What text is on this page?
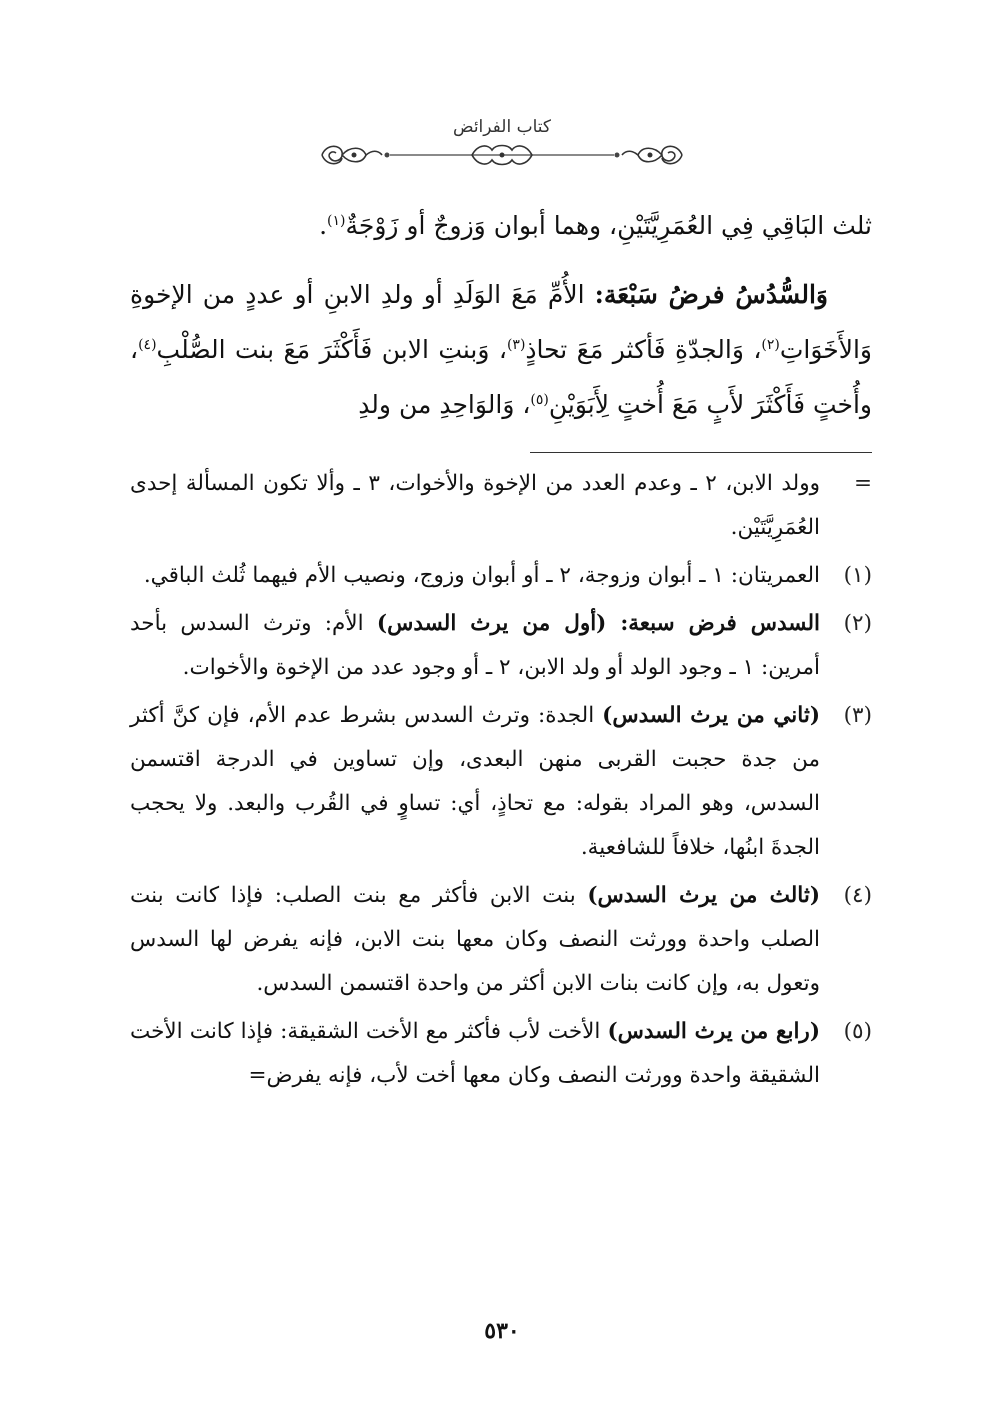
كتاب الفرائض

ثلث البَاقِي فِي العُمَرِيَّتَيْنِ، وهما أبوان وَزوجٌ أو زَوْجَةٌ$^{(١)}$.

وَالسُّدُسُ فرضُ سَبْعَة: الأُمِّ مَعَ الوَلَدِ أو ولدِ الابنِ أو عددٍ من الإخوةِ وَالأَخَوَاتِ$^{(٢)}$، وَالجدّةِ فَأكثر مَعَ تحاذٍ$^{(٣)}$، وَبنتِ الابن فَأَكْثَرَ مَعَ بنت الصُّلْبِ$^{(٤)}$، وأُختٍ فَأَكْثَرَ لأَبٍ مَعَ أُختٍ لِأَبَوَيْنِ$^{(٥)}$، وَالوَاحِدِ من ولدِ

=
وولد الابن، ٢ ـ وعدم العدد من الإخوة والأخوات، ٣ ـ وألا تكون المسألة إحدى العُمَرِيَّتَيْن.
(١)
العمريتان: ١ ـ أبوان وزوجة، ٢ ـ أو أبوان وزوج، ونصيب الأم فيهما ثُلث الباقي.
(٢)
السدس فرض سبعة: (أول من يرث السدس) الأم: وترث السدس بأحد أمرين: ١ ـ وجود الولد أو ولد الابن، ٢ ـ أو وجود عدد من الإخوة والأخوات.
(٣)
(ثاني من يرث السدس) الجدة: وترث السدس بشرط عدم الأم، فإن كنَّ أكثر من جدة حجبت القربى منهن البعدى، وإن تساوين في الدرجة اقتسمن السدس، وهو المراد بقوله: مع تحاذٍ، أي: تساوٍ في القُرب والبعد. ولا يحجب الجدةَ ابنُها، خلافاً للشافعية.
(٤)
(ثالث من يرث السدس) بنت الابن فأكثر مع بنت الصلب: فإذا كانت بنت الصلب واحدة وورثت النصف وكان معها بنت الابن، فإنه يفرض لها السدس وتعول به، وإن كانت بنات الابن أكثر من واحدة اقتسمن السدس.
(٥)
(رابع من يرث السدس) الأخت لأب فأكثر مع الأخت الشقيقة: فإذا كانت الأخت الشقيقة واحدة وورثت النصف وكان معها أخت لأب، فإنه يفرض=
٥٣٠
